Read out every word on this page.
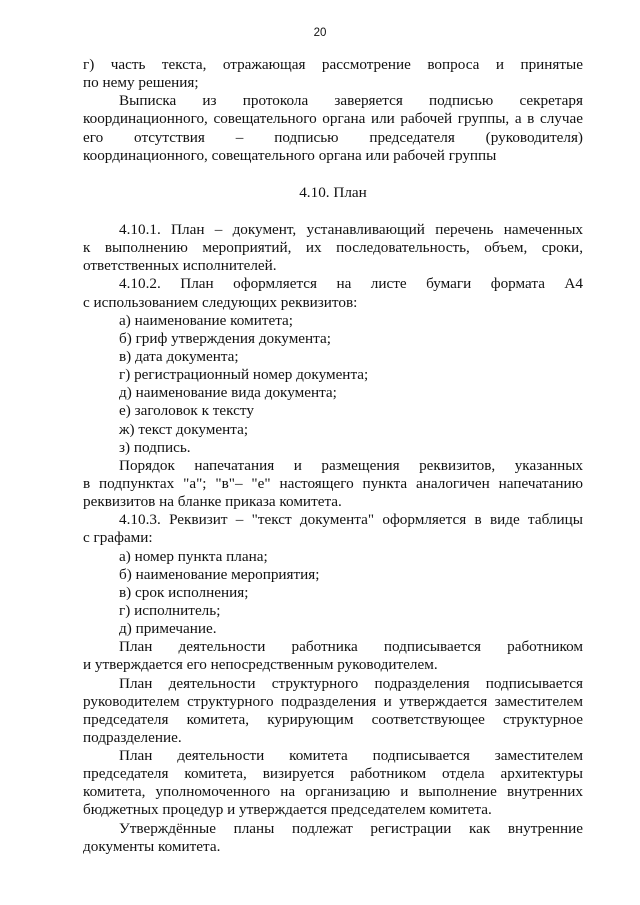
20
г) часть текста, отражающая рассмотрение вопроса и принятые
по нему решения;
Выписка из протокола заверяется подписью секретаря
координационного, совещательного органа или рабочей группы, а в случае
его отсутствия – подписью председателя (руководителя)
координационного, совещательного органа или рабочей группы
4.10. План
4.10.1. План – документ, устанавливающий перечень намеченных
к выполнению мероприятий, их последовательность, объем, сроки,
ответственных исполнителей.
4.10.2. План оформляется на листе бумаги формата А4
с использованием следующих реквизитов:
а) наименование комитета;
б) гриф утверждения документа;
в) дата документа;
г) регистрационный номер документа;
д) наименование вида документа;
е) заголовок к тексту
ж) текст документа;
з) подпись.
Порядок напечатания и размещения реквизитов, указанных
в подпунктах "а"; "в"– "е" настоящего пункта аналогичен напечатанию
реквизитов на бланке приказа комитета.
4.10.3. Реквизит – "текст документа" оформляется в виде таблицы
с графами:
а) номер пункта плана;
б) наименование мероприятия;
в) срок исполнения;
г) исполнитель;
д) примечание.
План деятельности работника подписывается работником
и утверждается его непосредственным руководителем.
План деятельности структурного подразделения подписывается
руководителем структурного подразделения и утверждается заместителем
председателя комитета, курирующим соответствующее структурное
подразделение.
План деятельности комитета подписывается заместителем
председателя комитета, визируется работником отдела архитектуры
комитета, уполномоченного на организацию и выполнение внутренних
бюджетных процедур и утверждается председателем комитета.
Утверждённые планы подлежат регистрации как внутренние
документы комитета.
